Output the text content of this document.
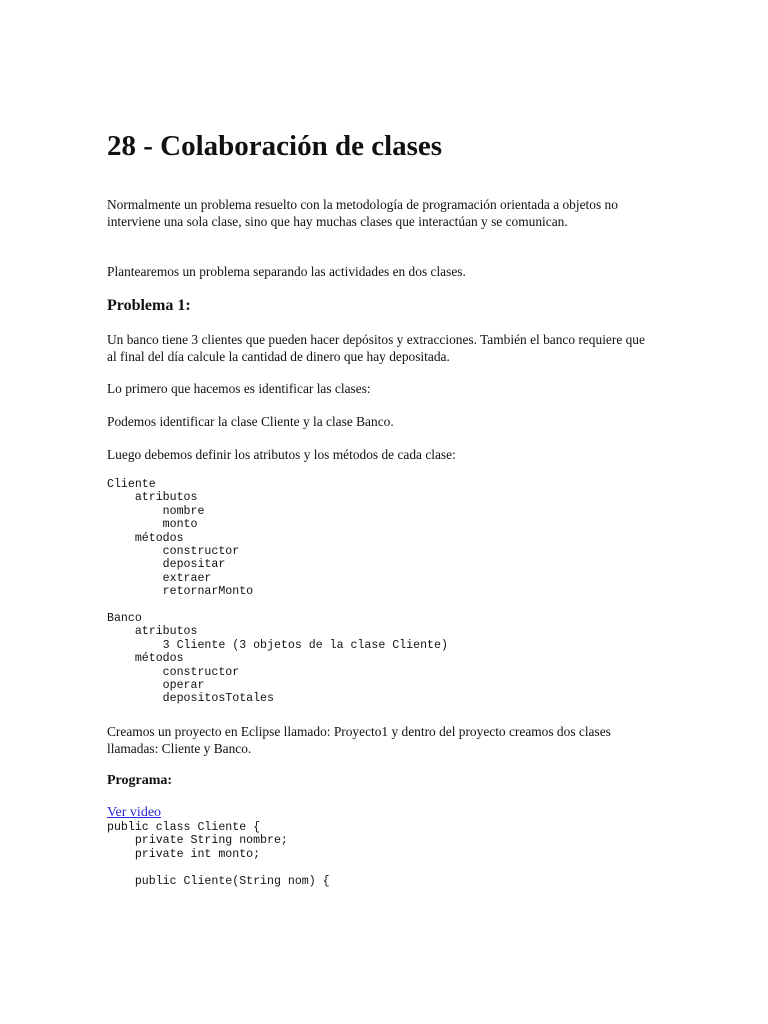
28 - Colaboración de clases

Normalmente un problema resuelto con la metodología de programación orientada a objetos no interviene una sola clase, sino que hay muchas clases que interactúan y se comunican.

Plantearemos un problema separando las actividades en dos clases.

Problema 1:

Un banco tiene 3 clientes que pueden hacer depósitos y extracciones. También el banco requiere que al final del día calcule la cantidad de dinero que hay depositada.

Lo primero que hacemos es identificar las clases:

Podemos identificar la clase Cliente y la clase Banco.

Luego debemos definir los atributos y los métodos de cada clase:

Cliente
atributos
nombre
monto
métodos
constructor
depositar
extraer
retornarMonto
Banco
atributos
3 Cliente (3 objetos de la clase Cliente)
métodos
constructor
operar
depositosTotales

Creamos un proyecto en Eclipse llamado: Proyecto1 y dentro del proyecto creamos dos clases llamadas: Cliente y Banco.

Programa:
Ver video
public class Cliente {
private String nombre;
private int monto;

public Cliente(String nom) {
